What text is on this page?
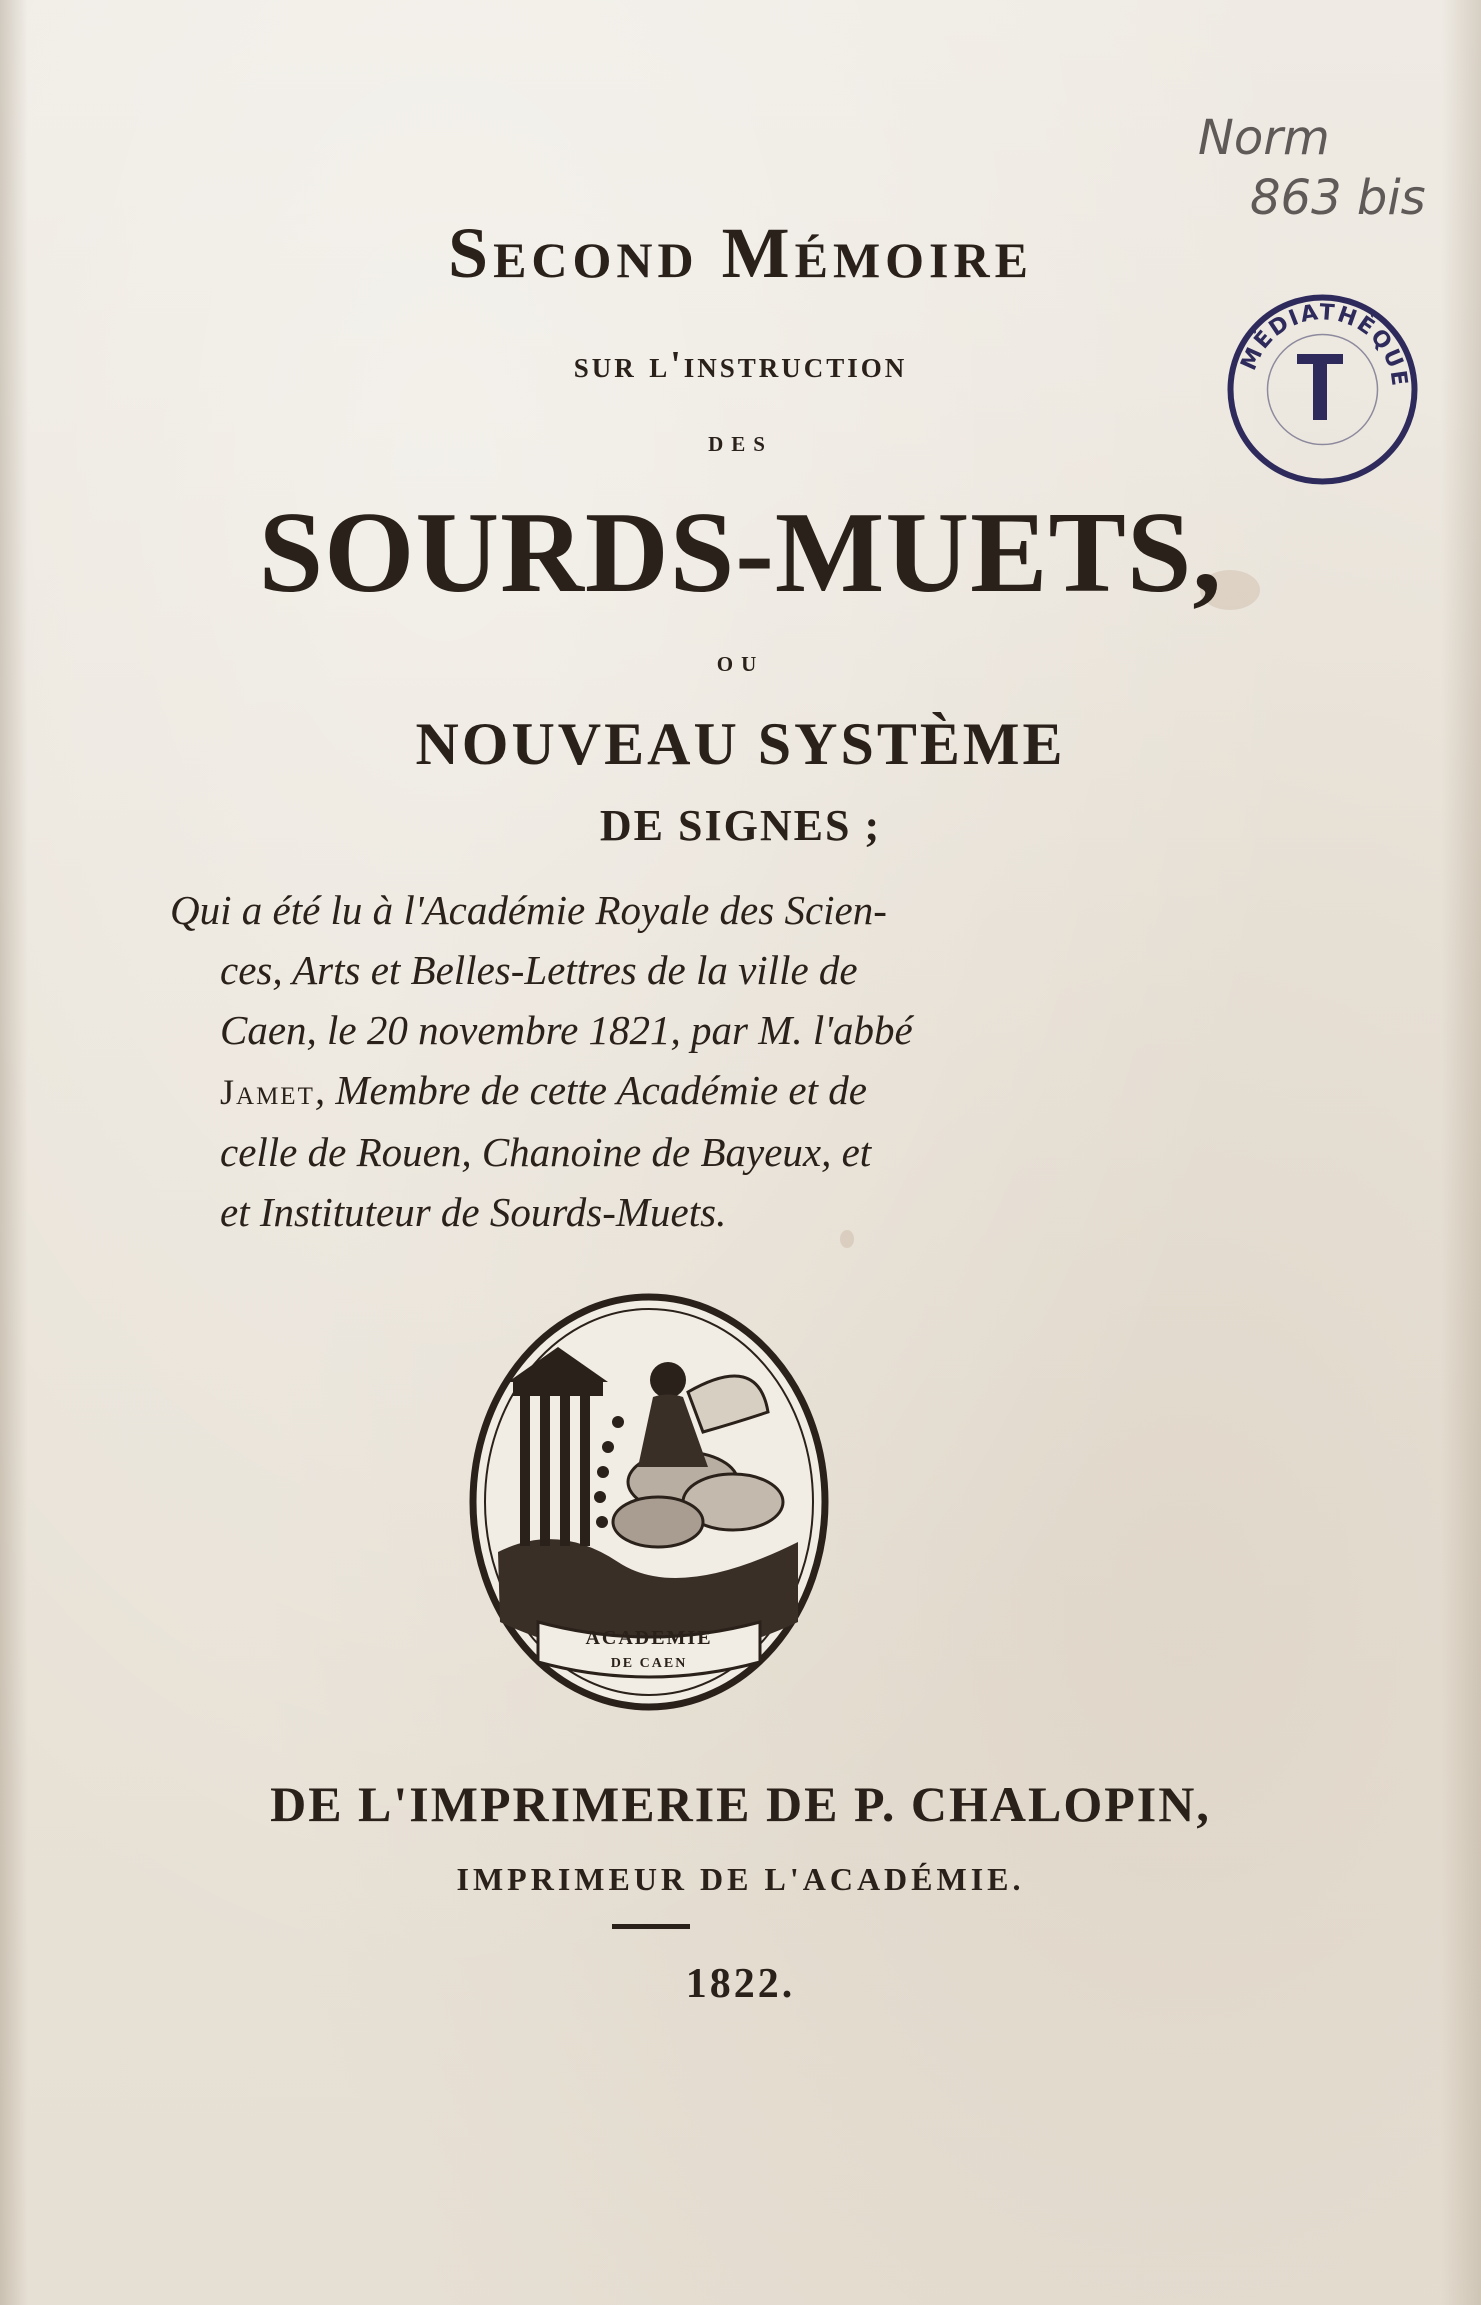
Norm
863 bis
MÉDIATHÈQUE
Second Mémoire
sur l'instruction
des
SOURDS-MUETS,
ou
NOUVEAU SYSTÈME
DE SIGNES ;
Qui a été lu à l'Académie Royale des Scien-
ces, Arts et Belles-Lettres de la ville de
Caen, le 20 novembre 1821, par M. l'abbé
Jamet, Membre de cette Académie et de
celle de Rouen, Chanoine de Bayeux, et
et Instituteur de Sourds-Muets.
ACADEMIE
DE CAEN
DE L'IMPRIMERIE DE P. CHALOPIN,
IMPRIMEUR DE L'ACADÉMIE.
1822.
